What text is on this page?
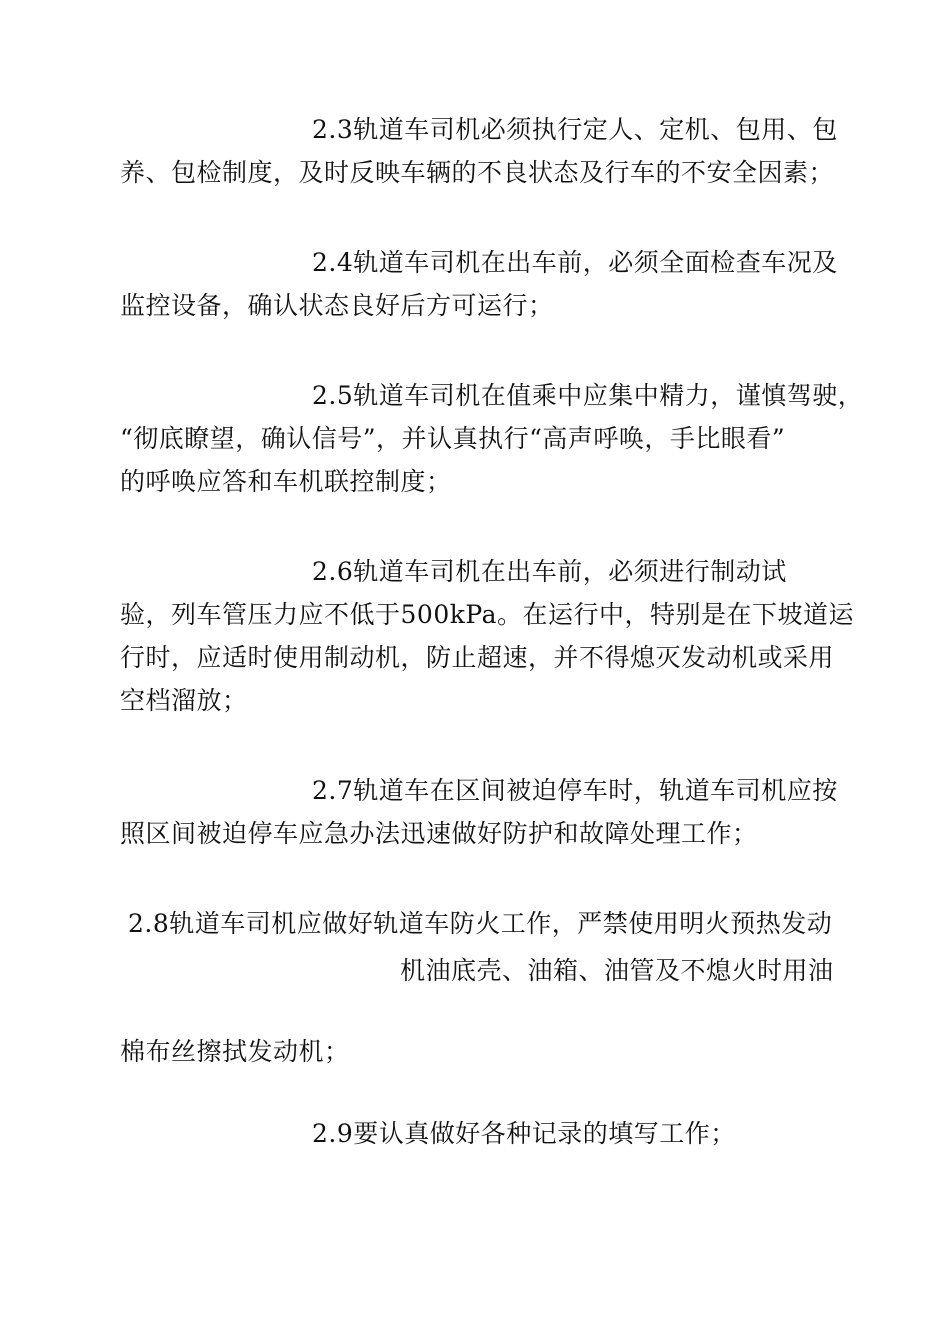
2.3轨道车司机必须执行定人、定机、包用、包
养、包检制度，及时反映车辆的不良状态及行车的不安全因素；
2.4轨道车司机在出车前，必须全面检查车况及
监控设备，确认状态良好后方可运行；
2.5轨道车司机在值乘中应集中精力，谨慎驾驶，
“彻底瞭望，确认信号”，并认真执行“高声呼唤，手比眼看”
的呼唤应答和车机联控制度；
2.6轨道车司机在出车前，必须进行制动试
验，列车管压力应不低于500kPa。在运行中，特别是在下坡道运
行时，应适时使用制动机，防止超速，并不得熄灭发动机或采用
空档溜放；
2.7轨道车在区间被迫停车时，轨道车司机应按
照区间被迫停车应急办法迅速做好防护和故障处理工作；
2.8轨道车司机应做好轨道车防火工作，严禁使用明火预热发动
机油底壳、油箱、油管及不熄火时用油
棉布丝擦拭发动机；
2.9要认真做好各种记录的填写工作；
